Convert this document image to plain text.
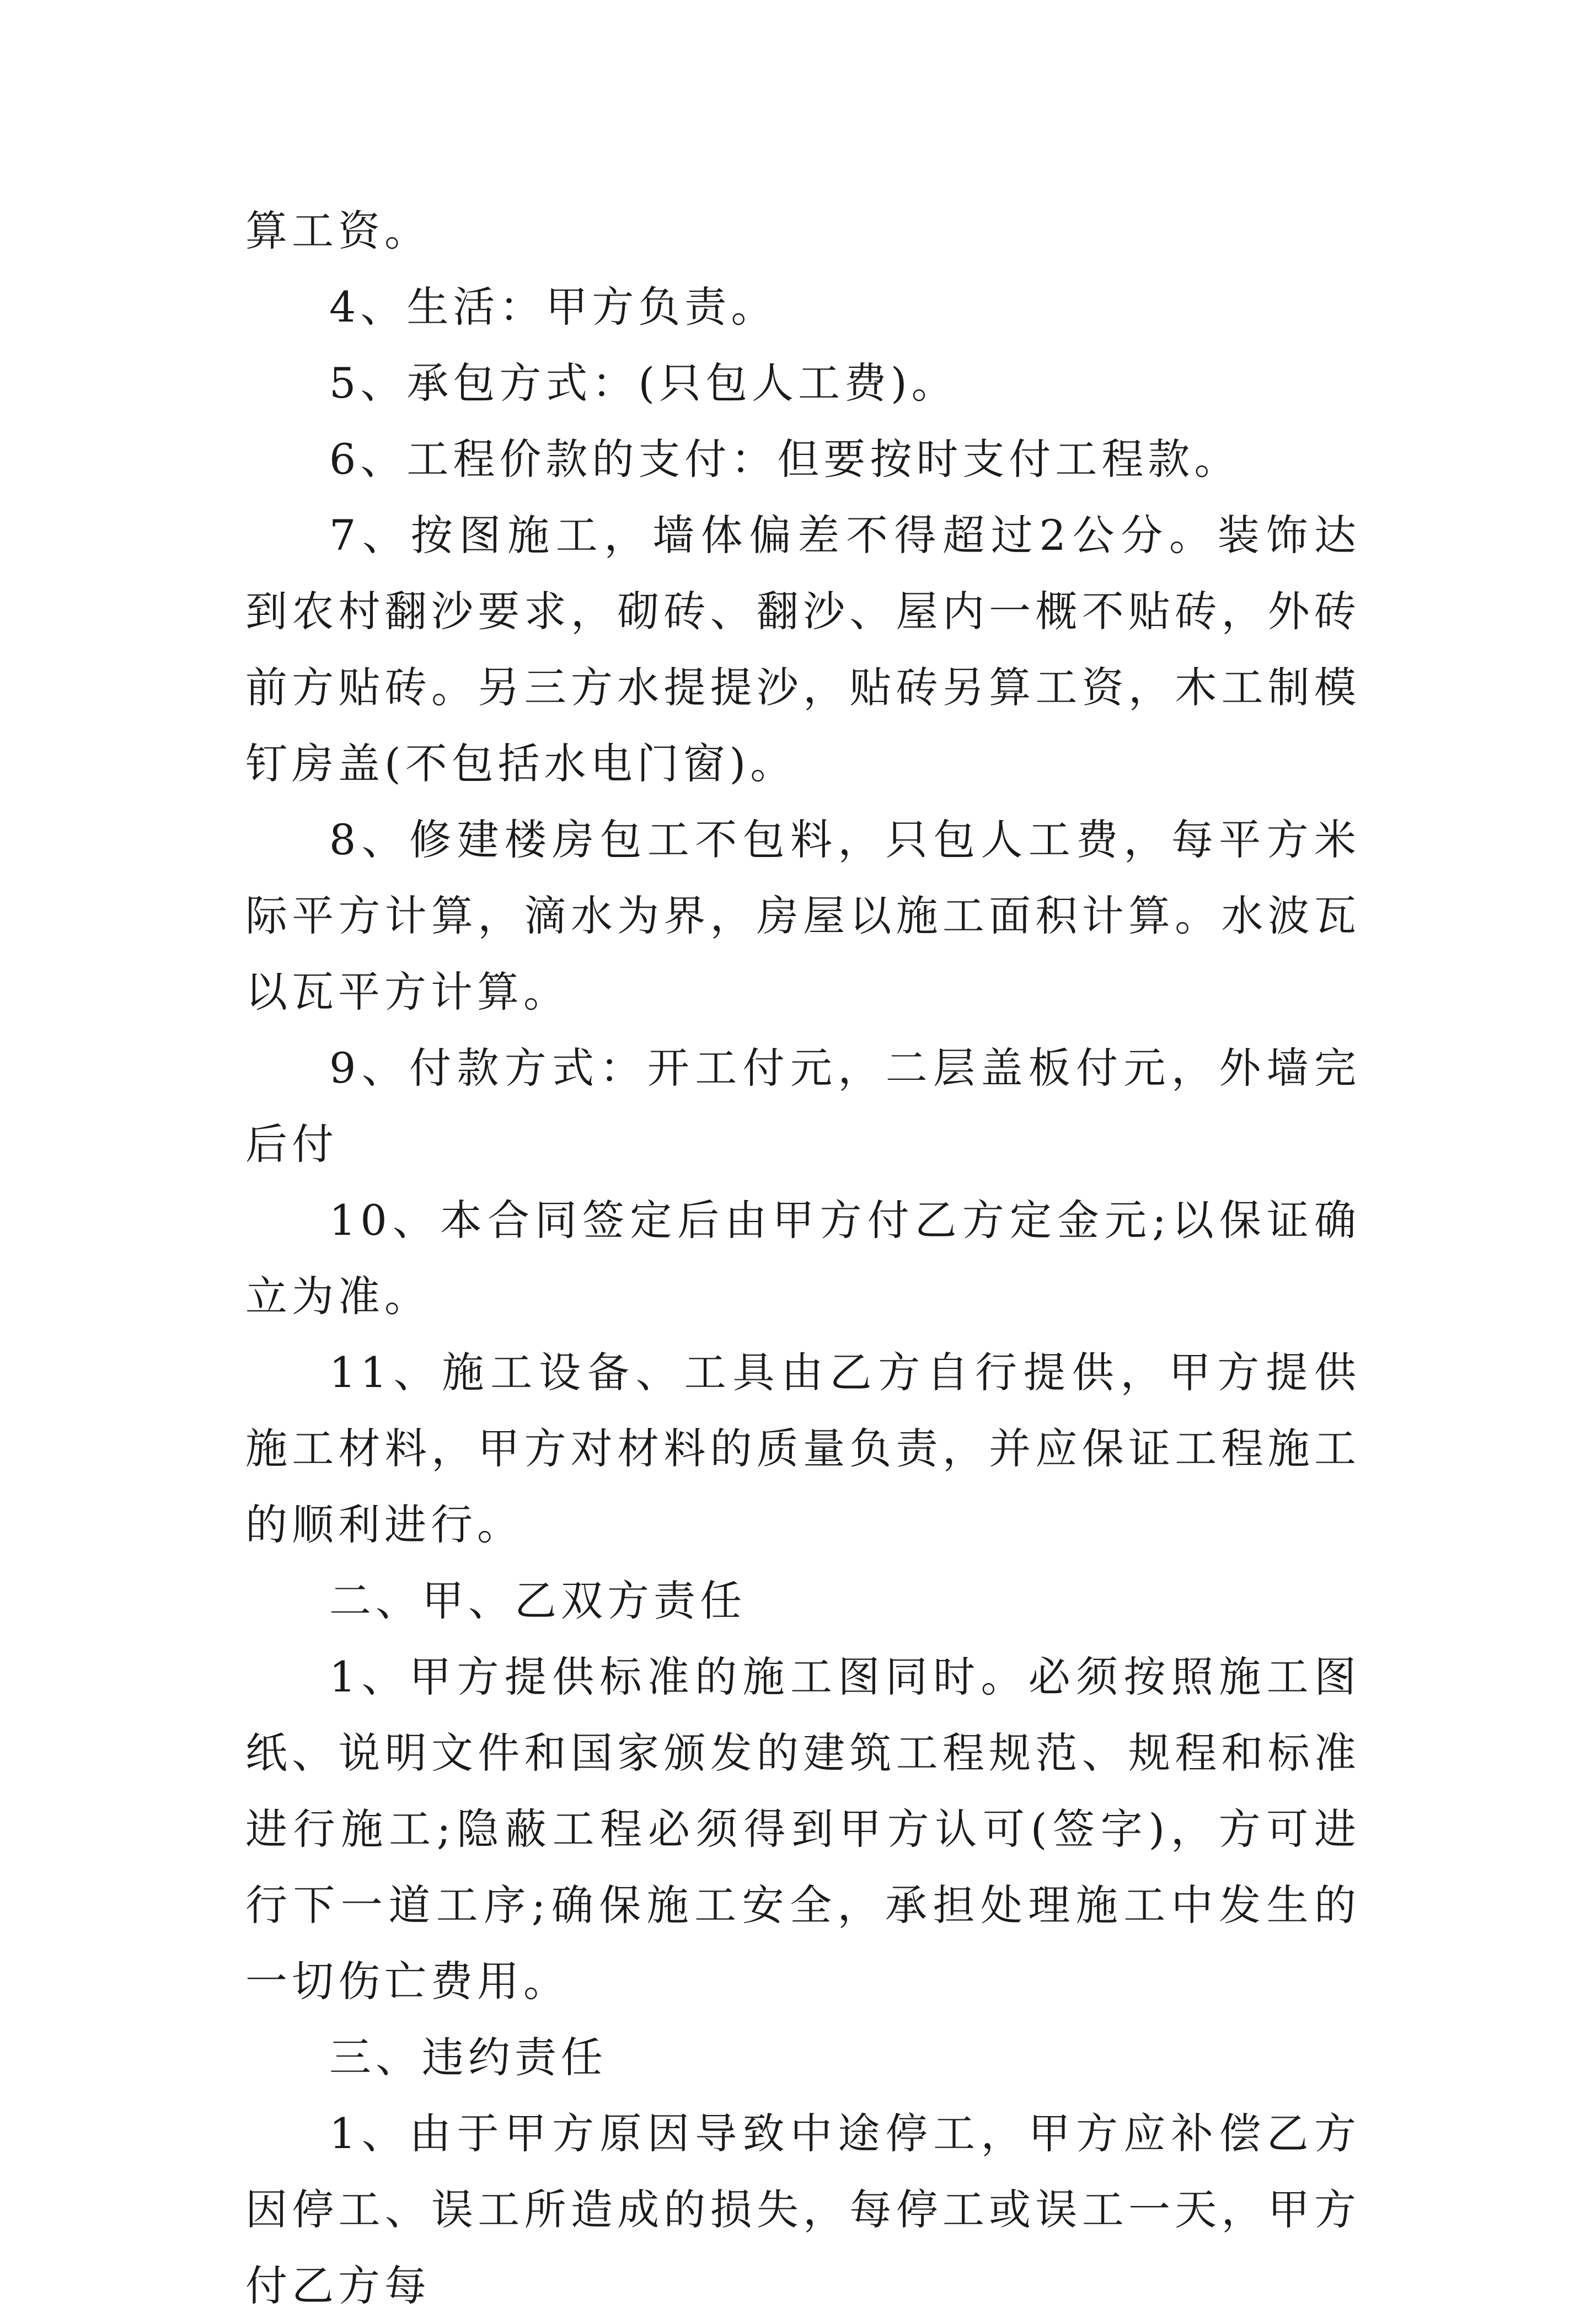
算工资。

4、生活：甲方负责。

5、承包方式：(只包人工费)。

6、工程价款的支付：但要按时支付工程款。

7、按图施工，墙体偏差不得超过2公分。装饰达到农村翻沙要求，砌砖、翻沙、屋内一概不贴砖，外砖前方贴砖。另三方水提提沙，贴砖另算工资，木工制模钉房盖(不包括水电门窗)。

8、修建楼房包工不包料，只包人工费，每平方米际平方计算，滴水为界，房屋以施工面积计算。水波瓦以瓦平方计算。

9、付款方式：开工付元，二层盖板付元，外墙完后付

10、本合同签定后由甲方付乙方定金元;以保证确立为准。

11、施工设备、工具由乙方自行提供，甲方提供施工材料，甲方对材料的质量负责，并应保证工程施工的顺利进行。

二、甲、乙双方责任

1、甲方提供标准的施工图同时。必须按照施工图纸、说明文件和国家颁发的建筑工程规范、规程和标准进行施工;隐蔽工程必须得到甲方认可(签字)，方可进行下一道工序;确保施工安全，承担处理施工中发生的一切伤亡费用。

三、违约责任

1、由于甲方原因导致中途停工，甲方应补偿乙方因停工、误工所造成的损失，每停工或误工一天，甲方付乙方每
